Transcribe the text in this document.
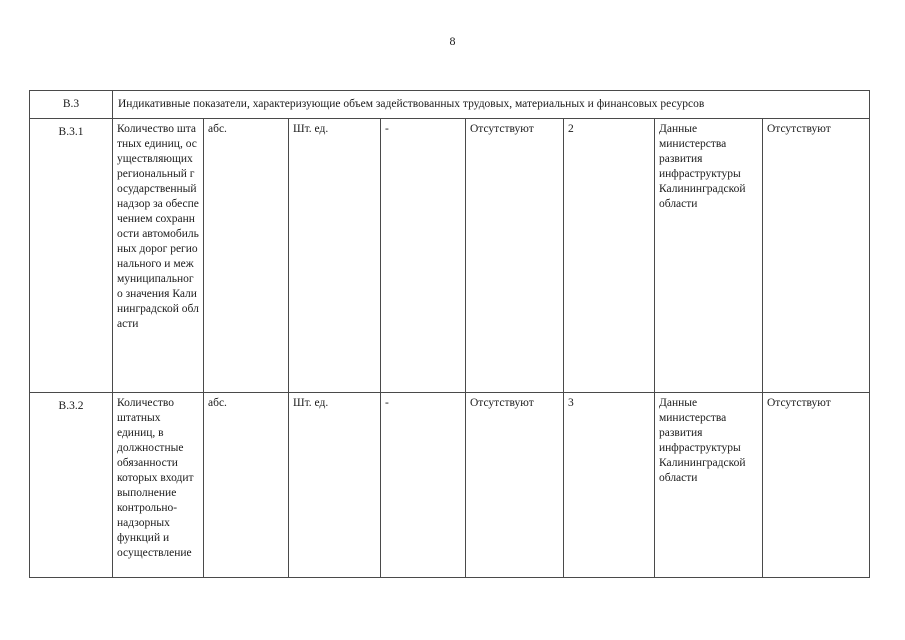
8
B.3	Индикативные показатели, характеризующие объем задействованных трудовых, материальных и финансовых ресурсов							
B.3.1	Количество штатных единиц, осуществляющих региональный государственный надзор за обеспечением сохранности автомобильных дорог регионального и межмуниципального значения Калининградской области	абс.	Шт. ед.	-	Отсутствуют	2	Данные министерства развития инфраструктуры Калининградской области	Отсутствуют
B.3.2	Количество штатных единиц, в должностные обязанности которых входит выполнение контрольно-надзорных функций и осуществление	абс.	Шт. ед.	-	Отсутствуют	3	Данные министерства развития инфраструктуры Калининградской области	Отсутствуют
